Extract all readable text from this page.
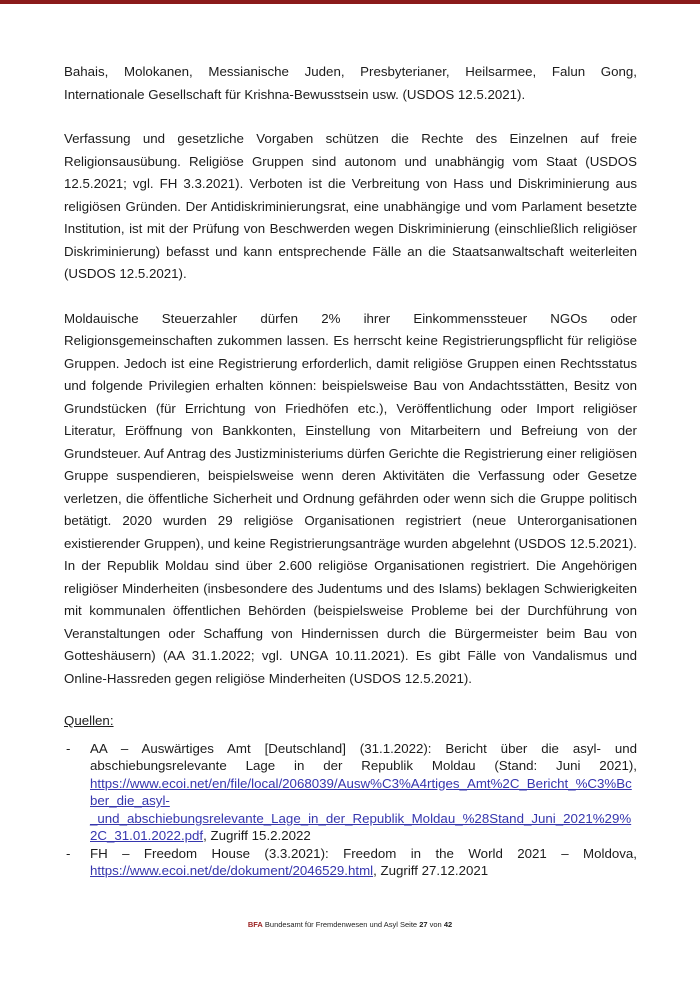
Bahais, Molokanen, Messianische Juden, Presbyterianer, Heilsarmee, Falun Gong, Internationale Gesellschaft für Krishna-Bewusstsein usw. (USDOS 12.5.2021).

Verfassung und gesetzliche Vorgaben schützen die Rechte des Einzelnen auf freie Religionsausübung. Religiöse Gruppen sind autonom und unabhängig vom Staat (USDOS 12.5.2021; vgl. FH 3.3.2021). Verboten ist die Verbreitung von Hass und Diskriminierung aus religiösen Gründen. Der Antidiskriminierungsrat, eine unabhängige und vom Parlament besetzte Institution, ist mit der Prüfung von Beschwerden wegen Diskriminierung (einschließlich religiöser Diskriminierung) befasst und kann entsprechende Fälle an die Staatsanwaltschaft weiterleiten (USDOS 12.5.2021).

Moldauische Steuerzahler dürfen 2% ihrer Einkommenssteuer NGOs oder Religionsgemeinschaften zukommen lassen. Es herrscht keine Registrierungspflicht für religiöse Gruppen. Jedoch ist eine Registrierung erforderlich, damit religiöse Gruppen einen Rechtsstatus und folgende Privilegien erhalten können: beispielsweise Bau von Andachtsstätten, Besitz von Grundstücken (für Errichtung von Friedhöfen etc.), Veröffentlichung oder Import religiöser Literatur, Eröffnung von Bankkonten, Einstellung von Mitarbeitern und Befreiung von der Grundsteuer. Auf Antrag des Justizministeriums dürfen Gerichte die Registrierung einer religiösen Gruppe suspendieren, beispielsweise wenn deren Aktivitäten die Verfassung oder Gesetze verletzen, die öffentliche Sicherheit und Ordnung gefährden oder wenn sich die Gruppe politisch betätigt. 2020 wurden 29 religiöse Organisationen registriert (neue Unterorganisationen existierender Gruppen), und keine Registrierungsanträge wurden abgelehnt (USDOS 12.5.2021). In der Republik Moldau sind über 2.600 religiöse Organisationen registriert. Die Angehörigen religiöser Minderheiten (insbesondere des Judentums und des Islams) beklagen Schwierigkeiten mit kommunalen öffentlichen Behörden (beispielsweise Probleme bei der Durchführung von Veranstaltungen oder Schaffung von Hindernissen durch die Bürgermeister beim Bau von Gotteshäusern) (AA 31.1.2022; vgl. UNGA 10.11.2021). Es gibt Fälle von Vandalismus und Online-Hassreden gegen religiöse Minderheiten (USDOS 12.5.2021).

Quellen:
- AA – Auswärtiges Amt [Deutschland] (31.1.2022): Bericht über die asyl- und abschiebungsrelevante Lage in der Republik Moldau (Stand: Juni 2021), https://www.ecoi.net/en/file/local/2068039/Ausw%C3%A4rtiges_Amt%2C_Bericht_%C3%Bcber_die_asyl-_und_abschiebungsrelevante_Lage_in_der_Republik_Moldau_%28Stand_Juni_2021%29%2C_31.01.2022.pdf, Zugriff 15.2.2022
- FH – Freedom House (3.3.2021): Freedom in the World 2021 – Moldova, https://www.ecoi.net/de/dokument/2046529.html, Zugriff 27.12.2021
BFA Bundesamt für Fremdenwesen und Asyl Seite 27 von 42
